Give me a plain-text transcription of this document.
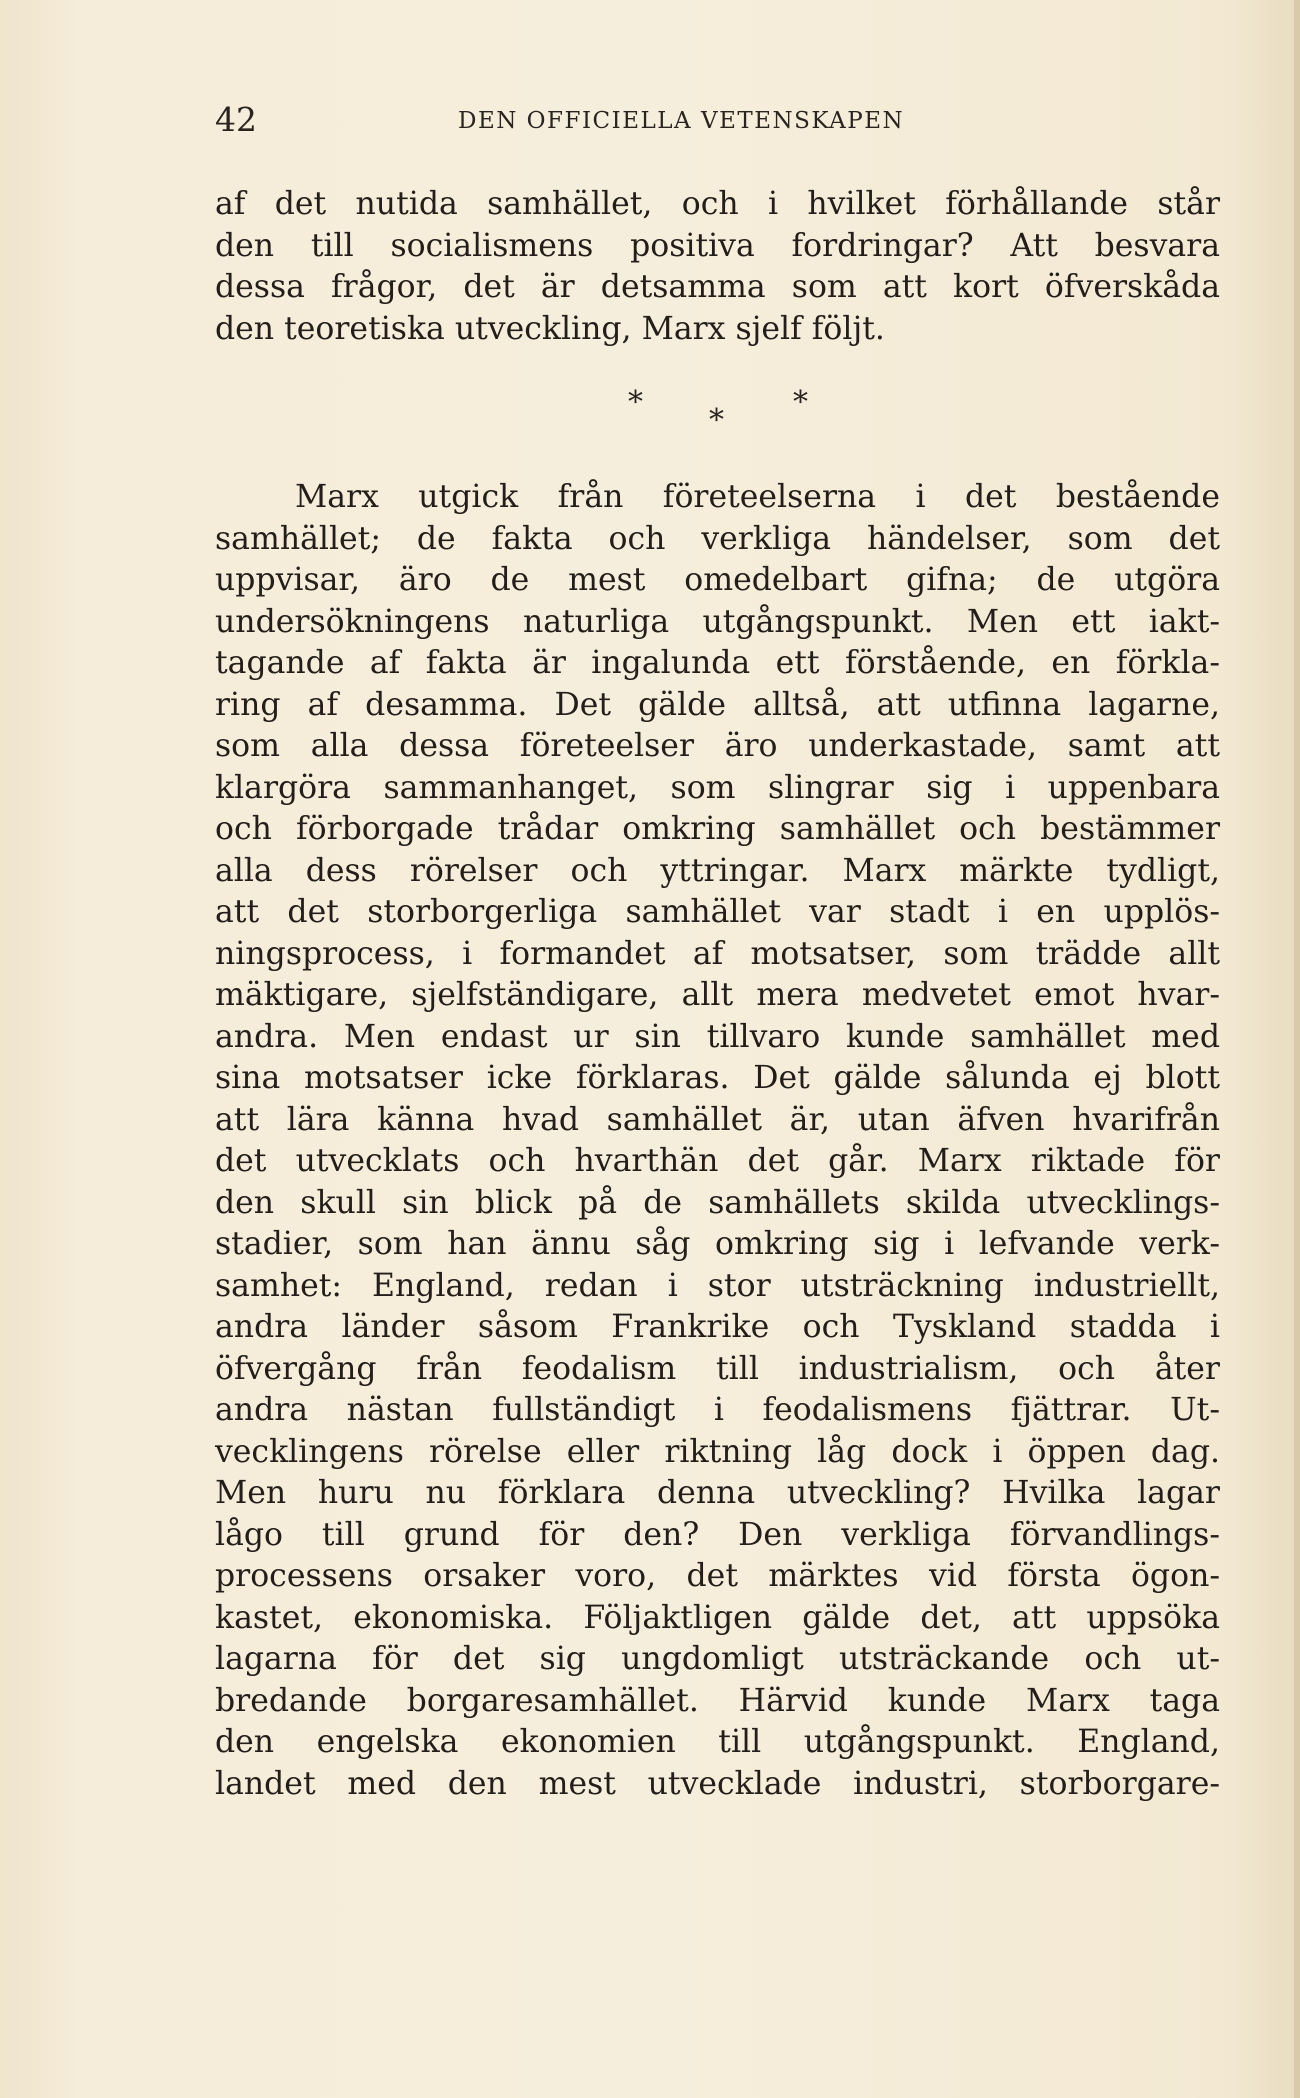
42	DEN OFFICIELLA VETENSKAPEN
af det nutida samhället, och i hvilket förhållande står
den till socialismens positiva fordringar? Att besvara
dessa frågor, det är detsamma som att kort öfverskåda
den teoretiska utveckling, Marx sjelf följt.
*	*
*
Marx utgick från företeelserna i det bestående
samhället; de fakta och verkliga händelser, som det
uppvisar, äro de mest omedelbart gifna; de utgöra
undersökningens naturliga utgångspunkt. Men ett iakt-
tagande af fakta är ingalunda ett förstående, en förkla-
ring af desamma. Det gälde alltså, att utfinna lagarne,
som alla dessa företeelser äro underkastade, samt att
klargöra sammanhanget, som slingrar sig i uppenbara
och förborgade trådar omkring samhället och bestämmer
alla dess rörelser och yttringar. Marx märkte tydligt,
att det storborgerliga samhället var stadt i en upplös-
ningsprocess, i formandet af motsatser, som trädde allt
mäktigare, sjelfständigare, allt mera medvetet emot hvar-
andra. Men endast ur sin tillvaro kunde samhället med
sina motsatser icke förklaras. Det gälde sålunda ej blott
att lära känna hvad samhället är, utan äfven hvarifrån
det utvecklats och hvarthän det går. Marx riktade för
den skull sin blick på de samhällets skilda utvecklings-
stadier, som han ännu såg omkring sig i lefvande verk-
samhet: England, redan i stor utsträckning industriellt,
andra länder såsom Frankrike och Tyskland stadda i
öfvergång från feodalism till industrialism, och åter
andra nästan fullständigt i feodalismens fjättrar. Ut-
vecklingens rörelse eller riktning låg dock i öppen dag.
Men huru nu förklara denna utveckling? Hvilka lagar
lågo till grund för den? Den verkliga förvandlings-
processens orsaker voro, det märktes vid första ögon-
kastet, ekonomiska. Följaktligen gälde det, att uppsöka
lagarna för det sig ungdomligt utsträckande och ut-
bredande borgaresamhället. Härvid kunde Marx taga
den engelska ekonomien till utgångspunkt. England,
landet med den mest utvecklade industri, storborgare-
